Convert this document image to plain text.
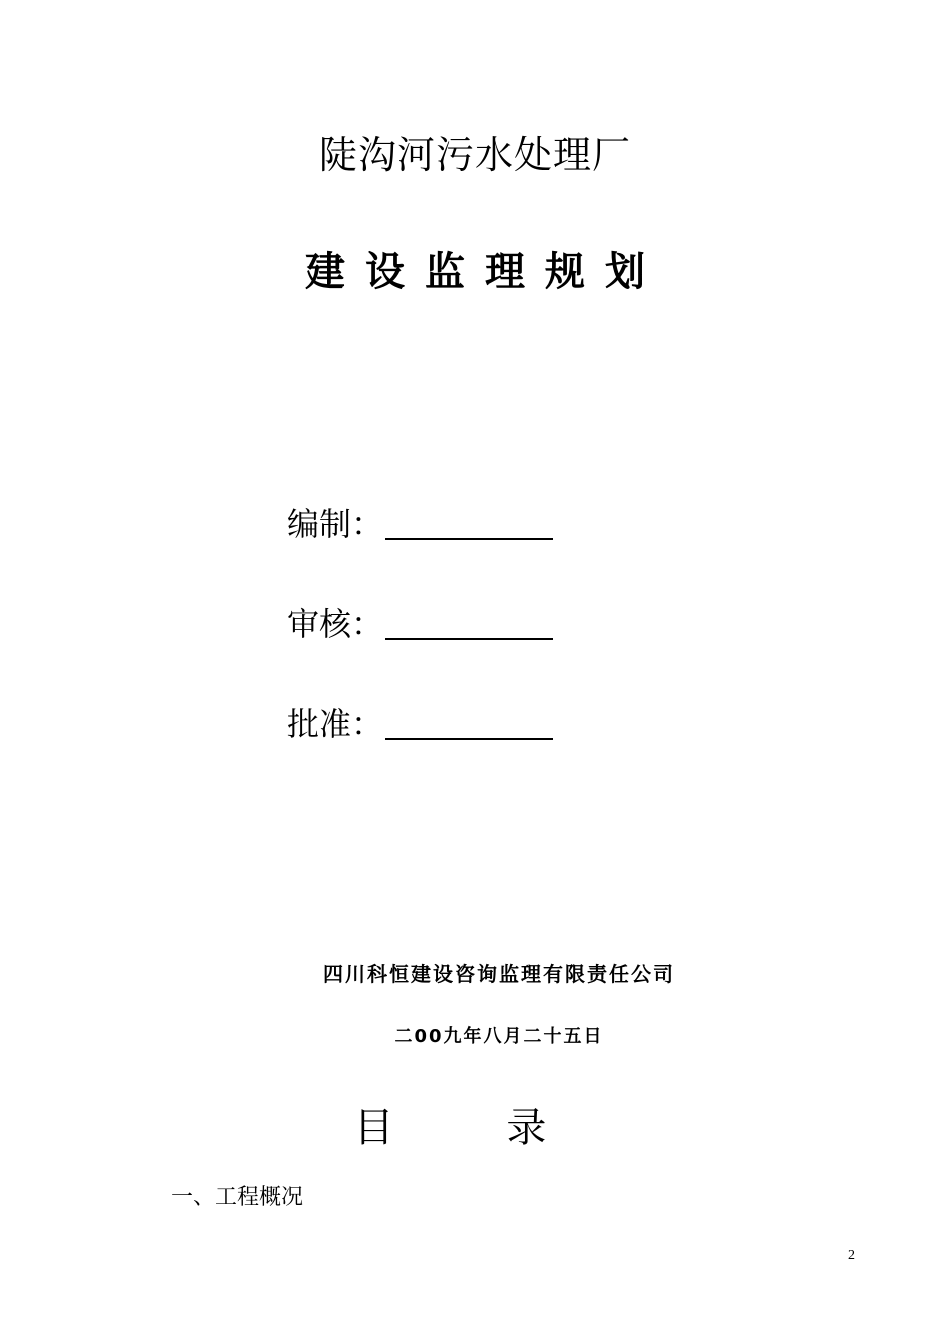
陡沟河污水处理厂
建设监理规划
编制：
审核：
批准：
四川科恒建设咨询监理有限责任公司
二00九年八月二十五日
目 录
一、工程概况
2
